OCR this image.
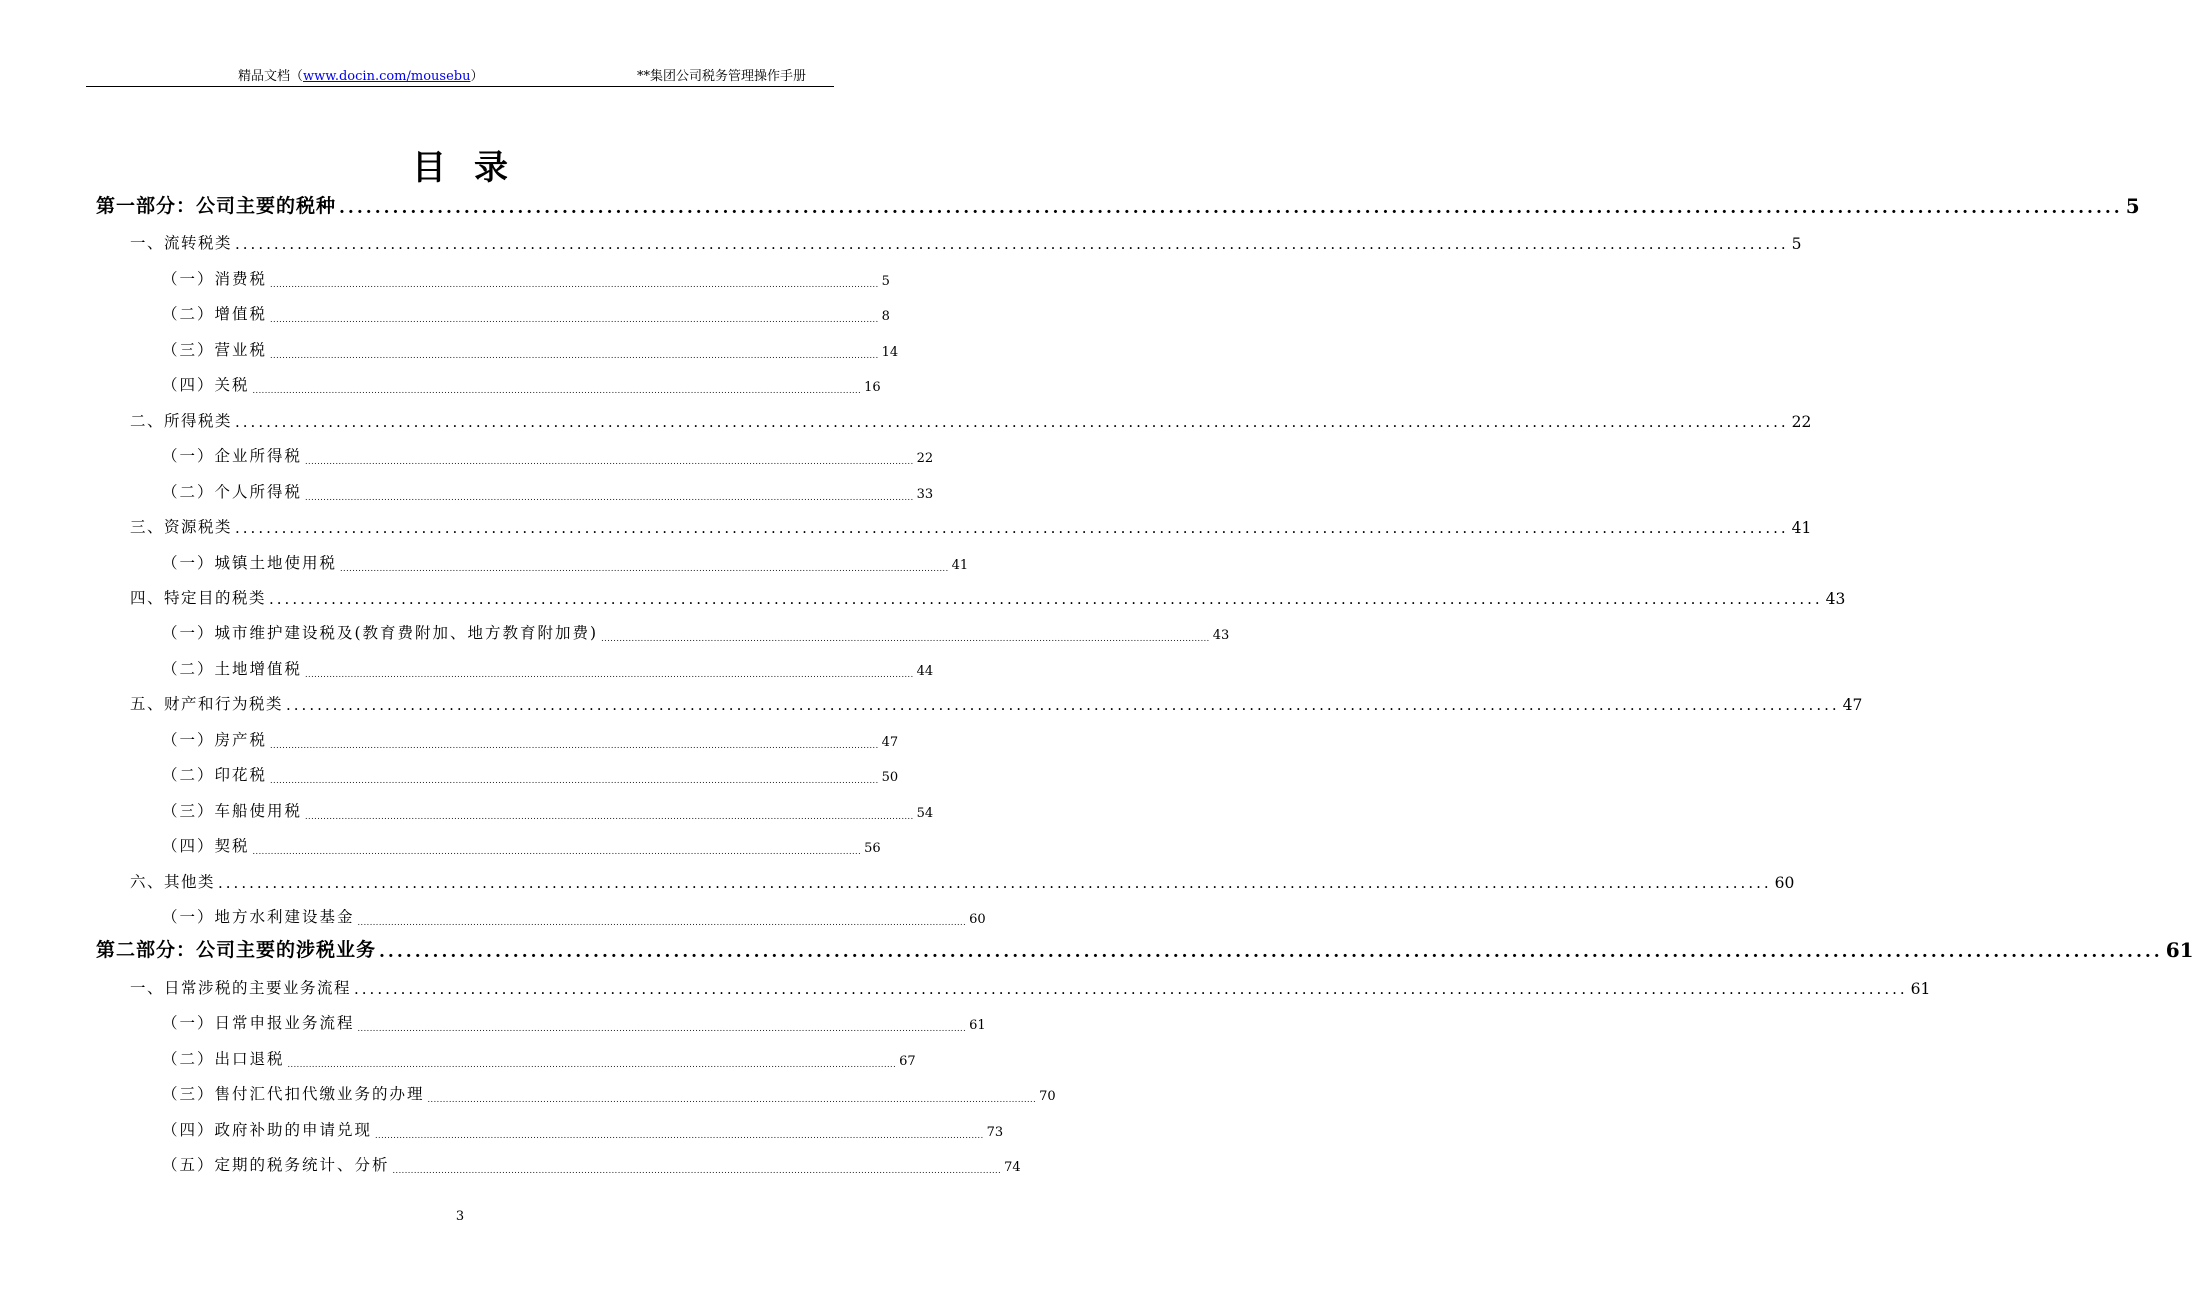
精品文档（www.docin.com/mousebu）	**集团公司税务管理操作手册
目录
第一部分：公司主要的税种 ........................................................................................................................................................................................................ 5
一、流转税类 ........................................................................................................................................................................................................ 5
（一）消费税 ........................................................................................................................................................................................................ 5
（二）增值税 ........................................................................................................................................................................................................ 8
（三）营业税 ........................................................................................................................................................................................................ 14
（四）关税 ........................................................................................................................................................................................................ 16
二、所得税类 ........................................................................................................................................................................................................ 22
（一）企业所得税 ........................................................................................................................................................................................................ 22
（二）个人所得税 ........................................................................................................................................................................................................ 33
三、资源税类 ........................................................................................................................................................................................................ 41
（一）城镇土地使用税 ........................................................................................................................................................................................................ 41
四、特定目的税类 ........................................................................................................................................................................................................ 43
（一）城市维护建设税及(教育费附加、地方教育附加费) ........................................................................................................................................................................................................ 43
（二）土地增值税 ........................................................................................................................................................................................................ 44
五、财产和行为税类 ........................................................................................................................................................................................................ 47
（一）房产税 ........................................................................................................................................................................................................ 47
（二）印花税 ........................................................................................................................................................................................................ 50
（三）车船使用税 ........................................................................................................................................................................................................ 54
（四）契税 ........................................................................................................................................................................................................ 56
六、其他类 ........................................................................................................................................................................................................ 60
（一）地方水利建设基金 ........................................................................................................................................................................................................ 60
第二部分：公司主要的涉税业务 ........................................................................................................................................................................................................ 61
一、日常涉税的主要业务流程 ........................................................................................................................................................................................................ 61
（一）日常申报业务流程 ........................................................................................................................................................................................................ 61
（二）出口退税 ........................................................................................................................................................................................................ 67
（三）售付汇代扣代缴业务的办理 ........................................................................................................................................................................................................ 70
（四）政府补助的申请兑现 ........................................................................................................................................................................................................ 73
（五）定期的税务统计、分析 ........................................................................................................................................................................................................ 74
3
